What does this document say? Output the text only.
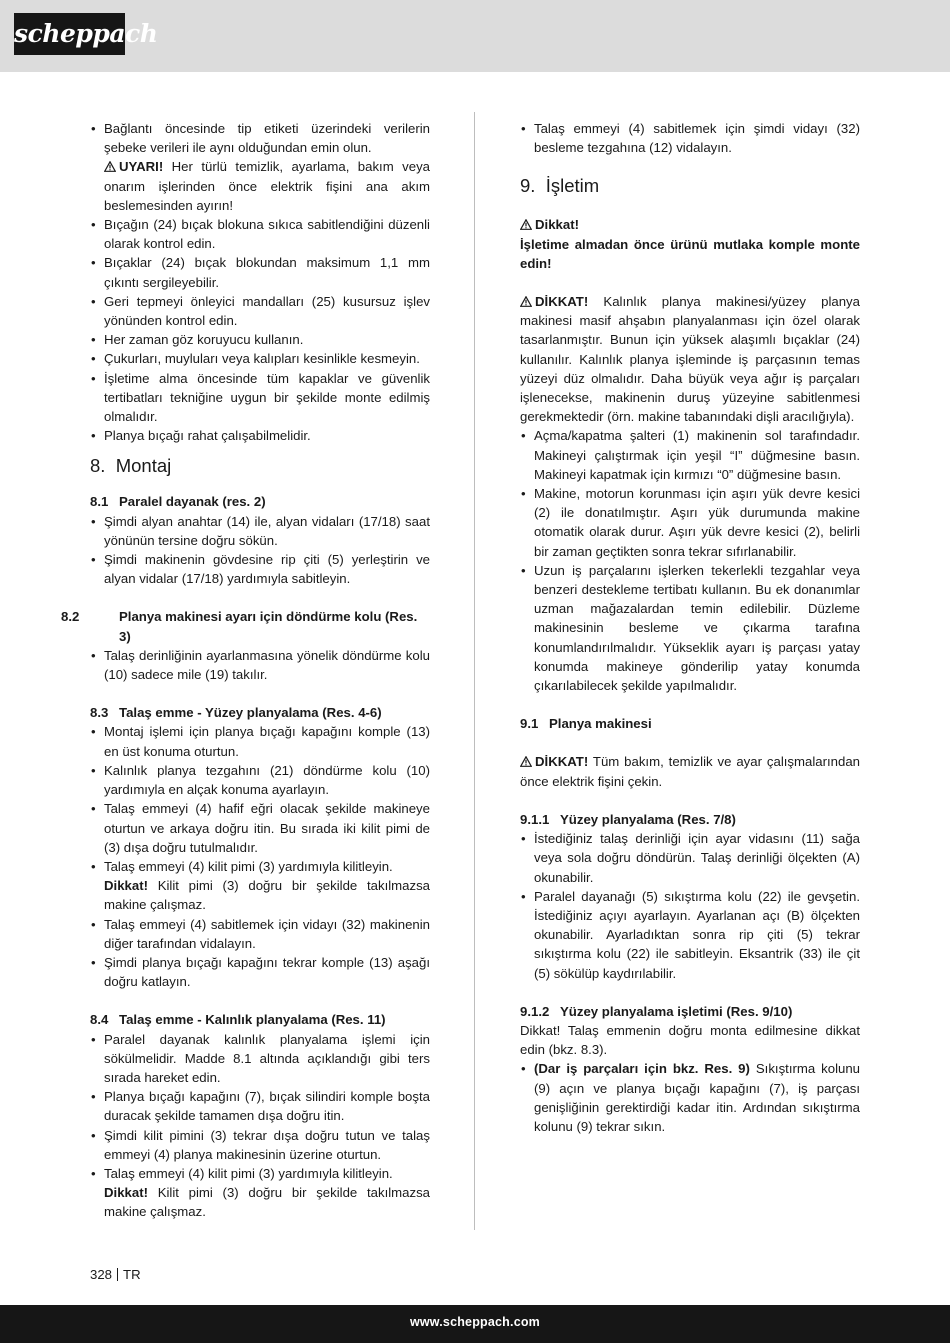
scheppach
• Bağlantı öncesinde tip etiketi üzerindeki verilerin şebeke verileri ile aynı olduğundan emin olun.
UYARI! Her türlü temizlik, ayarlama, bakım veya onarım işlerinden önce elektrik fişini ana akım beslemesinden ayırın!
• Bıçağın (24) bıçak blokuna sıkıca sabitlendiğini düzenli olarak kontrol edin.
• Bıçaklar (24) bıçak blokundan maksimum 1,1 mm çıkıntı sergileyebilir.
• Geri tepmeyi önleyici mandalları (25) kusursuz işlev yönünden kontrol edin.
• Her zaman göz koruyucu kullanın.
• Çukurları, muyluları veya kalıpları kesinlikle kesmeyin.
• İşletime alma öncesinde tüm kapaklar ve güvenlik tertibatları tekniğine uygun bir şekilde monte edilmiş olmalıdır.
• Planya bıçağı rahat çalışabilmelidir.
8. Montaj
8.1 Paralel dayanak (res. 2)
• Şimdi alyan anahtar (14) ile, alyan vidaları (17/18) saat yönünün tersine doğru sökün.
• Şimdi makinenin gövdesine rip çiti (5) yerleştirin ve alyan vidalar (17/18) yardımıyla sabitleyin.
8.2	Planya makinesi ayarı için döndürme kolu (Res. 3)
• Talaş derinliğinin ayarlanmasına yönelik döndürme kolu (10) sadece mile (19) takılır.
8.3 Talaş emme - Yüzey planyalama (Res. 4-6)
• Montaj işlemi için planya bıçağı kapağını komple (13) en üst konuma oturtun.
• Kalınlık planya tezgahını (21) döndürme kolu (10) yardımıyla en alçak konuma ayarlayın.
• Talaş emmeyi (4) hafif eğri olacak şekilde makineye oturtun ve arkaya doğru itin. Bu sırada iki kilit pimi de (3) dışa doğru tutulmalıdır.
• Talaş emmeyi (4) kilit pimi (3) yardımıyla kilitleyin.
Dikkat! Kilit pimi (3) doğru bir şekilde takılmazsa makine çalışmaz.
• Talaş emmeyi (4) sabitlemek için vidayı (32) makinenin diğer tarafından vidalayın.
• Şimdi planya bıçağı kapağını tekrar komple (13) aşağı doğru katlayın.
8.4 Talaş emme - Kalınlık planyalama (Res. 11)
• Paralel dayanak kalınlık planyalama işlemi için sökülmelidir. Madde 8.1 altında açıklandığı gibi ters sırada hareket edin.
• Planya bıçağı kapağını (7), bıçak silindiri komple boşta duracak şekilde tamamen dışa doğru itin.
• Şimdi kilit pimini (3) tekrar dışa doğru tutun ve talaş emmeyi (4) planya makinesinin üzerine oturtun.
• Talaş emmeyi (4) kilit pimi (3) yardımıyla kilitleyin.
Dikkat! Kilit pimi (3) doğru bir şekilde takılmazsa makine çalışmaz.
• Talaş emmeyi (4) sabitlemek için şimdi vidayı (32) besleme tezgahına (12) vidalayın.
9. İşletim
Dikkat!
İşletime almadan önce ürünü mutlaka komple monte edin!
DİKKAT! Kalınlık planya makinesi/yüzey planya makinesi masif ahşabın planyalanması için özel olarak tasarlanmıştır. Bunun için yüksek alaşımlı bıçaklar (24) kullanılır. Kalınlık planya işleminde iş parçasının temas yüzeyi düz olmalıdır. Daha büyük veya ağır iş parçaları işlenecekse, makinenin duruş yüzeyine sabitlenmesi gerekmektedir (örn. makine tabanındaki dişli aracılığıyla).
• Açma/kapatma şalteri (1) makinenin sol tarafındadır. Makineyi çalıştırmak için yeşil “I” düğmesine basın. Makineyi kapatmak için kırmızı “0” düğmesine basın.
• Makine, motorun korunması için aşırı yük devre kesici (2) ile donatılmıştır. Aşırı yük durumunda makine otomatik olarak durur. Aşırı yük devre kesici (2), belirli bir zaman geçtikten sonra tekrar sıfırlanabilir.
• Uzun iş parçalarını işlerken tekerlekli tezgahlar veya benzeri destekleme tertibatı kullanın. Bu ek donanımlar uzman mağazalardan temin edilebilir. Düzleme makinesinin besleme ve çıkarma tarafına konumlandırılmalıdır. Yükseklik ayarı iş parçası yatay konumda makineye gönderilip yatay konumda çıkarılabilecek şekilde yapılmalıdır.
9.1 Planya makinesi
DİKKAT! Tüm bakım, temizlik ve ayar çalışmalarından önce elektrik fişini çekin.
9.1.1 Yüzey planyalama (Res. 7/8)
• İstediğiniz talaş derinliği için ayar vidasını (11) sağa veya sola doğru döndürün. Talaş derinliği ölçekten (A) okunabilir.
• Paralel dayanağı (5) sıkıştırma kolu (22) ile gevşetin. İstediğiniz açıyı ayarlayın. Ayarlanan açı (B) ölçekten okunabilir. Ayarladıktan sonra rip çiti (5) tekrar sıkıştırma kolu (22) ile sabitleyin. Eksantrik (33) ile çit (5) sökülüp kaydırılabilir.
9.1.2 Yüzey planyalama işletimi (Res. 9/10)
Dikkat! Talaş emmenin doğru monta edilmesine dikkat edin (bkz. 8.3).
• (Dar iş parçaları için bkz. Res. 9) Sıkıştırma kolunu (9) açın ve planya bıçağı kapağını (7), iş parçası genişliğinin gerektirdiği kadar itin. Ardından sıkıştırma kolunu (9) tekrar sıkın.
328 TR
www.scheppach.com
